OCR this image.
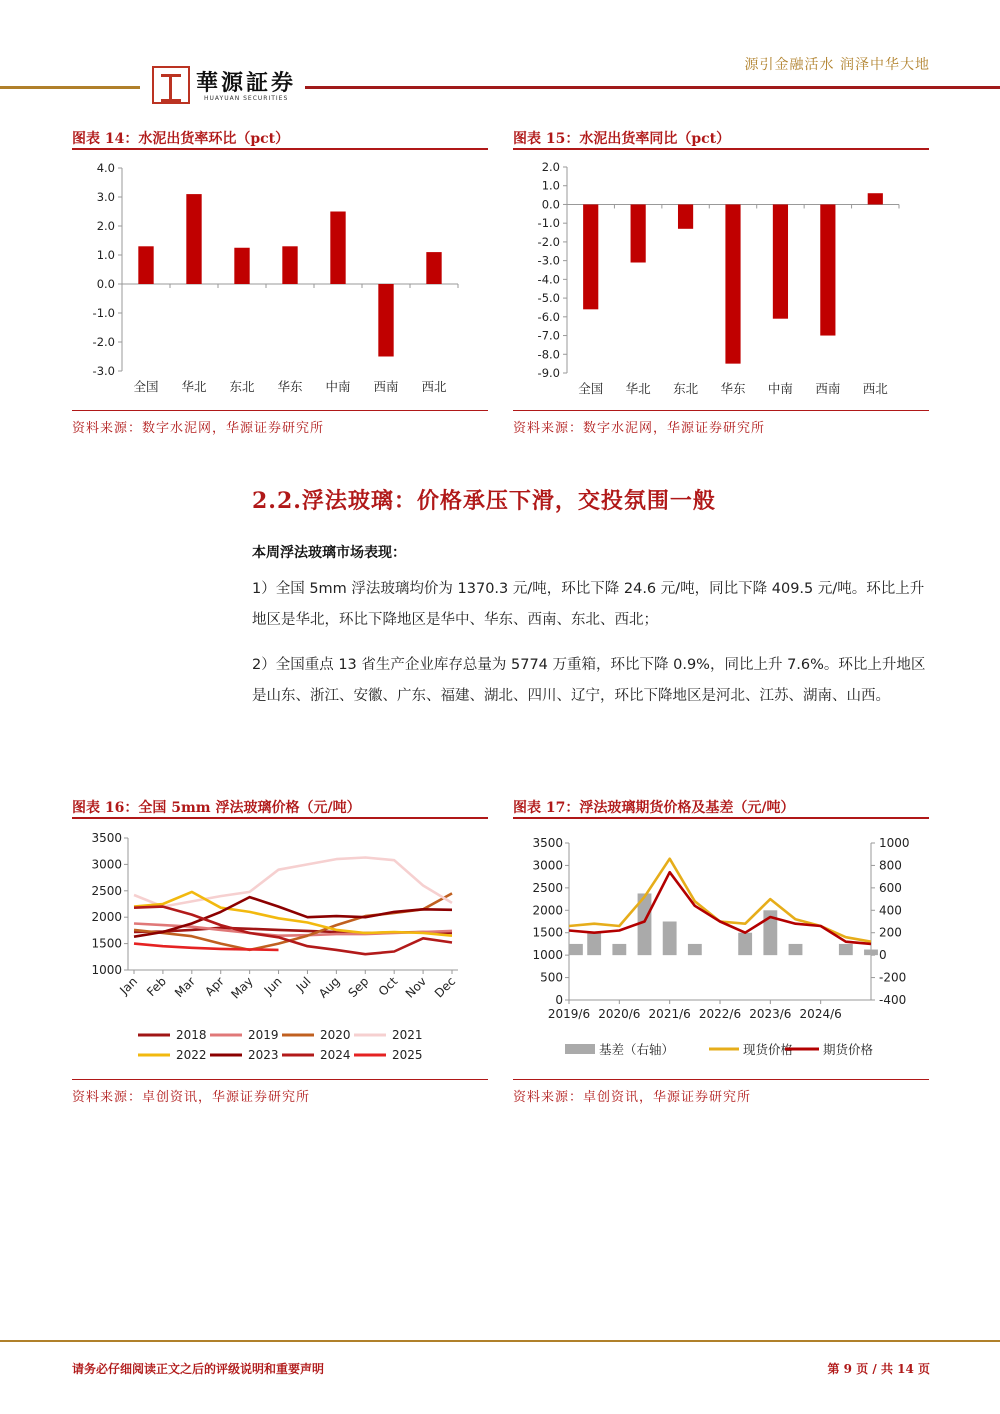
源引金融活水 润泽中华大地
華源証券
HUAYUAN SECURITIES
图表 14：水泥出货率环比（pct）
4.0
3.0
2.0
1.0
0.0
-1.0
-2.0
-3.0
全国 华北 东北 华东 中南 西南 西北
资料来源：数字水泥网，华源证券研究所
图表 15：水泥出货率同比（pct）
2.0
1.0
0.0
-1.0
-2.0
-3.0
-4.0
-5.0
-6.0
-7.0
-8.0
-9.0
全国 华北 东北 华东 中南 西南 西北
资料来源：数字水泥网，华源证券研究所
2.2.浮法玻璃：价格承压下滑，交投氛围一般
本周浮法玻璃市场表现：
1）全国 5mm 浮法玻璃均价为 1370.3 元/吨，环比下降 24.6 元/吨，同比下降 409.5 元/吨。环比上升地区是华北，环比下降地区是华中、华东、西南、东北、西北；
2）全国重点 13 省生产企业库存总量为 5774 万重箱，环比下降 0.9%，同比上升 7.6%。环比上升地区是山东、浙江、安徽、广东、福建、湖北、四川、辽宁，环比下降地区是河北、江苏、湖南、山西。
图表 16：全国 5mm 浮法玻璃价格（元/吨）
3500
3000
2500
2000
1500
1000
Jan Feb Mar Apr May Jun Jul Aug Sep Oct Nov Dec
2018	2019	2020	2021
2022	2023	2024	2025
资料来源：卓创资讯，华源证券研究所
图表 17：浮法玻璃期货价格及基差（元/吨）
3500
3000
2500
2000
1500
1000
500
0
1000
800
600
400
200
0
-200
-400
2019/6 2020/6 2021/6 2022/6 2023/6 2024/6
基差（右轴）	现货价格 期货价格
资料来源：卓创资讯，华源证券研究所
请务必仔细阅读正文之后的评级说明和重要声明	第 9 页 / 共 14 页
